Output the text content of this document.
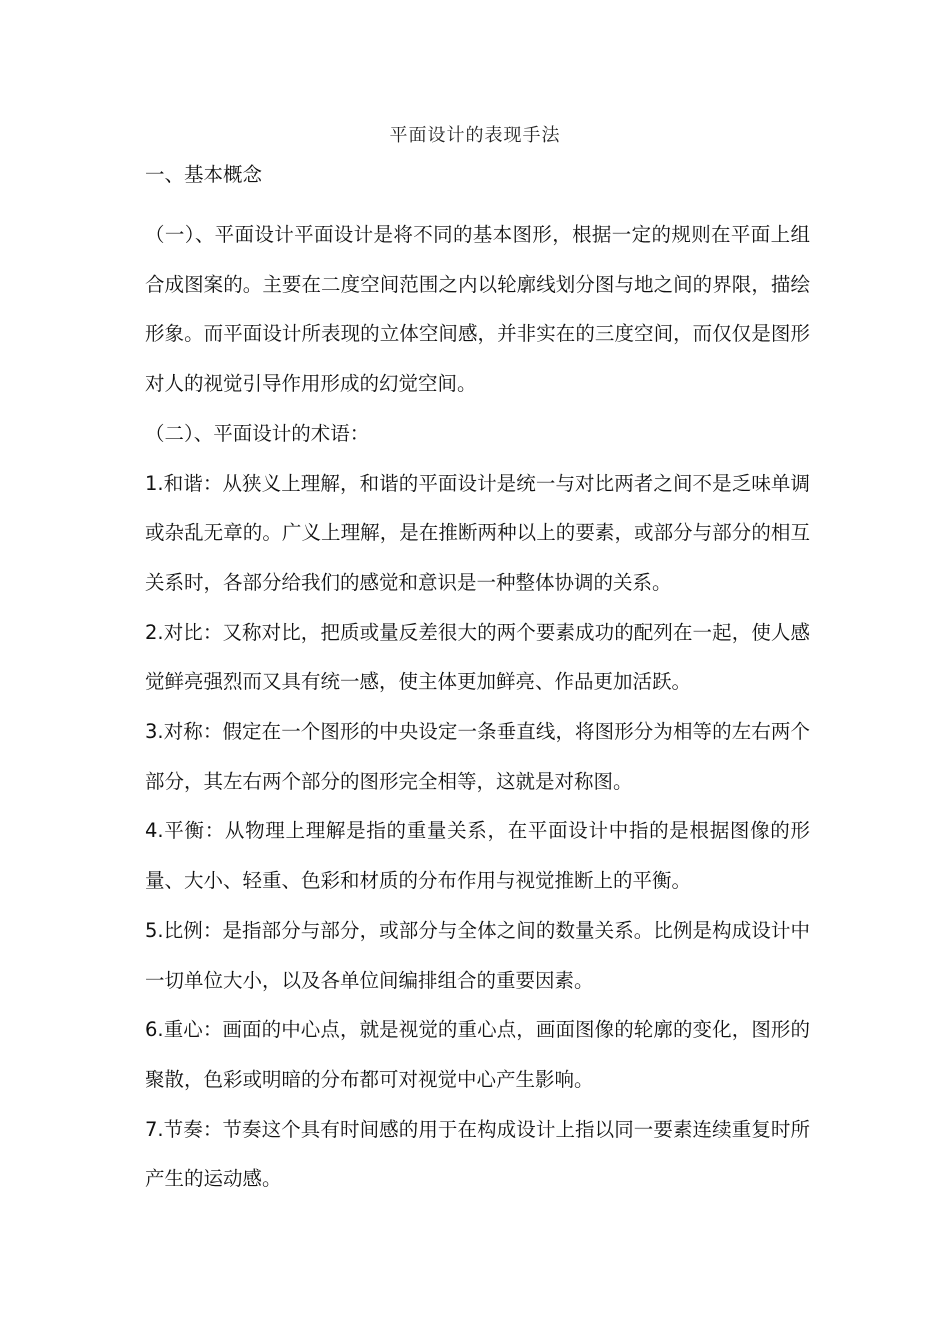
平面设计的表现手法

一、基本概念

（一）、平面设计平面设计是将不同的基本图形，根据一定的规则在平面上组合成图案的。主要在二度空间范围之内以轮廓线划分图与地之间的界限，描绘形象。而平面设计所表现的立体空间感，并非实在的三度空间，而仅仅是图形对人的视觉引导作用形成的幻觉空间。

（二）、平面设计的术语：

1.和谐：从狭义上理解，和谐的平面设计是统一与对比两者之间不是乏味单调或杂乱无章的。广义上理解，是在推断两种以上的要素，或部分与部分的相互关系时，各部分给我们的感觉和意识是一种整体协调的关系。

2.对比：又称对比，把质或量反差很大的两个要素成功的配列在一起，使人感觉鲜亮强烈而又具有统一感，使主体更加鲜亮、作品更加活跃。

3.对称：假定在一个图形的中央设定一条垂直线，将图形分为相等的左右两个部分，其左右两个部分的图形完全相等，这就是对称图。

4.平衡：从物理上理解是指的重量关系，在平面设计中指的是根据图像的形量、大小、轻重、色彩和材质的分布作用与视觉推断上的平衡。

5.比例：是指部分与部分，或部分与全体之间的数量关系。比例是构成设计中一切单位大小，以及各单位间编排组合的重要因素。

6.重心：画面的中心点，就是视觉的重心点，画面图像的轮廓的变化，图形的聚散，色彩或明暗的分布都可对视觉中心产生影响。

7.节奏：节奏这个具有时间感的用于在构成设计上指以同一要素连续重复时所产生的运动感。
